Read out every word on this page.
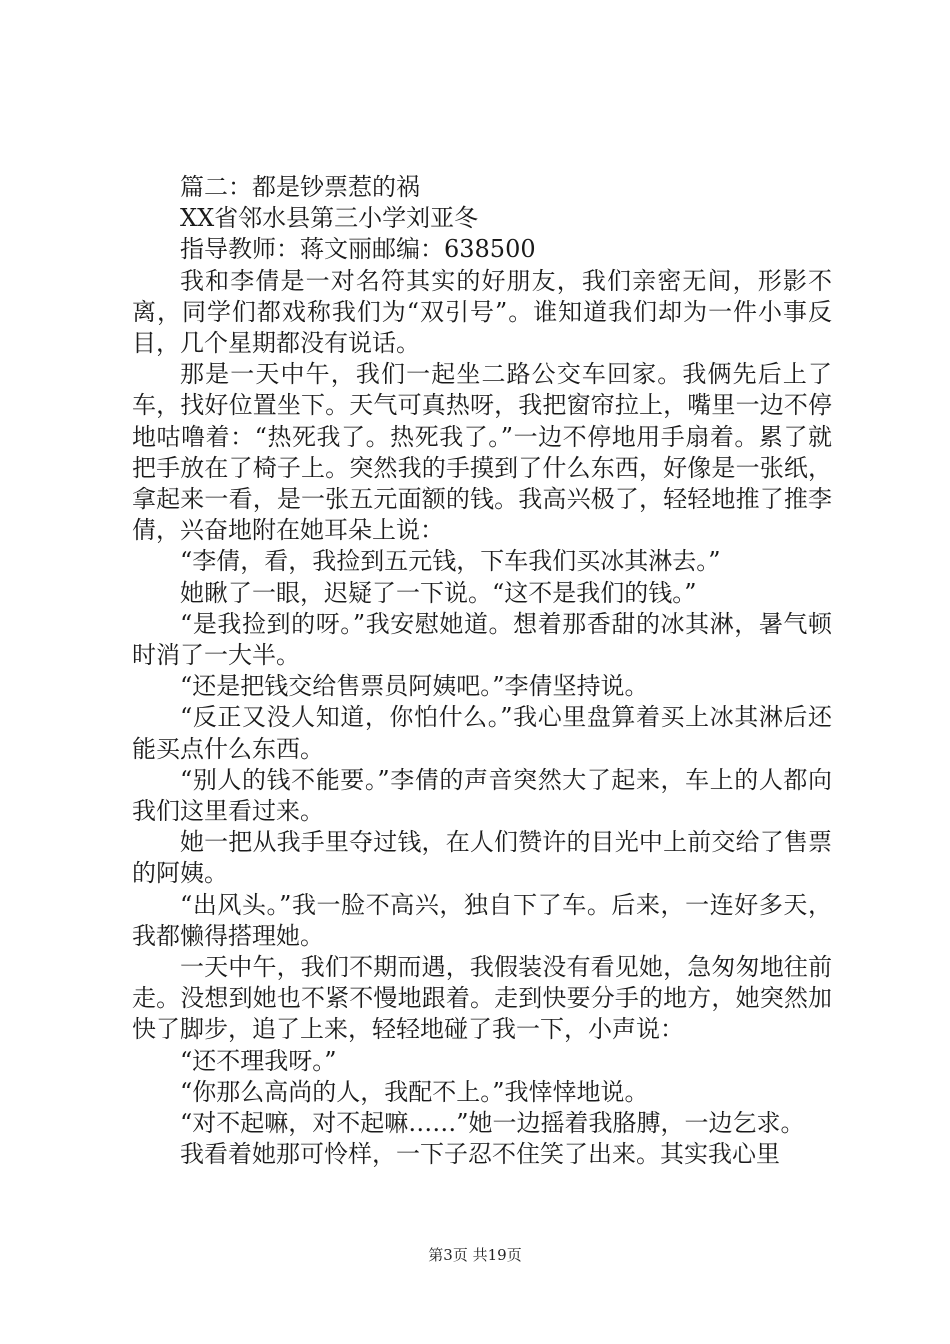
篇二：都是钞票惹的祸

XX省邻水县第三小学刘亚冬

指导教师：蒋文丽邮编：638500

我和李倩是一对名符其实的好朋友，我们亲密无间，形影不离，同学们都戏称我们为“双引号”。谁知道我们却为一件小事反目，几个星期都没有说话。

那是一天中午，我们一起坐二路公交车回家。我俩先后上了车，找好位置坐下。天气可真热呀，我把窗帘拉上，嘴里一边不停地咕噜着：“热死我了。热死我了。”一边不停地用手扇着。累了就把手放在了椅子上。突然我的手摸到了什么东西，好像是一张纸，拿起来一看，是一张五元面额的钱。我高兴极了，轻轻地推了推李倩，兴奋地附在她耳朵上说：

“李倩，看，我捡到五元钱，下车我们买冰其淋去。”

她瞅了一眼，迟疑了一下说。“这不是我们的钱。”

“是我捡到的呀。”我安慰她道。想着那香甜的冰其淋，暑气顿时消了一大半。

“还是把钱交给售票员阿姨吧。”李倩坚持说。

“反正又没人知道，你怕什么。”我心里盘算着买上冰其淋后还能买点什么东西。

“别人的钱不能要。”李倩的声音突然大了起来，车上的人都向我们这里看过来。

她一把从我手里夺过钱，在人们赞许的目光中上前交给了售票的阿姨。

“出风头。”我一脸不高兴，独自下了车。后来，一连好多天，我都懒得搭理她。

一天中午，我们不期而遇，我假装没有看见她，急匆匆地往前走。没想到她也不紧不慢地跟着。走到快要分手的地方，她突然加快了脚步，追了上来，轻轻地碰了我一下，小声说：

“还不理我呀。”

“你那么高尚的人，我配不上。”我悻悻地说。

“对不起嘛，对不起嘛……”她一边摇着我胳膊，一边乞求。

我看着她那可怜样，一下子忍不住笑了出来。其实我心里

第3页 共19页
